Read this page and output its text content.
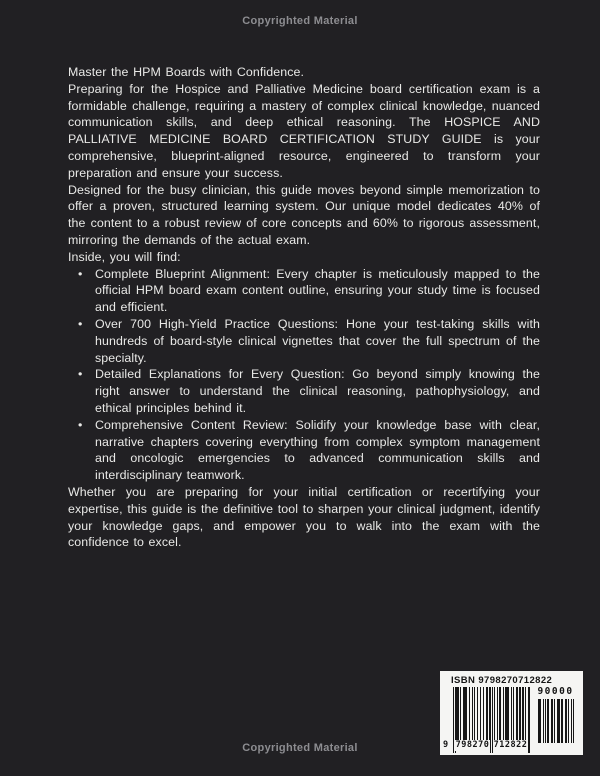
Copyrighted Material

Master the HPM Boards with Confidence.

Preparing for the Hospice and Palliative Medicine board certification exam is a formidable challenge, requiring a mastery of complex clinical knowledge, nuanced communication skills, and deep ethical reasoning. The HOSPICE AND PALLIATIVE MEDICINE BOARD CERTIFICATION STUDY GUIDE is your comprehensive, blueprint-aligned resource, engineered to transform your preparation and ensure your success.

Designed for the busy clinician, this guide moves beyond simple memorization to offer a proven, structured learning system. Our unique model dedicates 40% of the content to a robust review of core concepts and 60% to rigorous assessment, mirroring the demands of the actual exam.

Inside, you will find:

• Complete Blueprint Alignment: Every chapter is meticulously mapped to the official HPM board exam content outline, ensuring your study time is focused and efficient.
• Over 700 High-Yield Practice Questions: Hone your test-taking skills with hundreds of board-style clinical vignettes that cover the full spectrum of the specialty.
• Detailed Explanations for Every Question: Go beyond simply knowing the right answer to understand the clinical reasoning, pathophysiology, and ethical principles behind it.
• Comprehensive Content Review: Solidify your knowledge base with clear, narrative chapters covering everything from complex symptom management and oncologic emergencies to advanced communication skills and interdisciplinary teamwork.

Whether you are preparing for your initial certification or recertifying your expertise, this guide is the definitive tool to sharpen your clinical judgment, identify your knowledge gaps, and empower you to walk into the exam with the confidence to excel.

ISBN 9798270712822
9 798270 712822
90000
Copyrighted Material
